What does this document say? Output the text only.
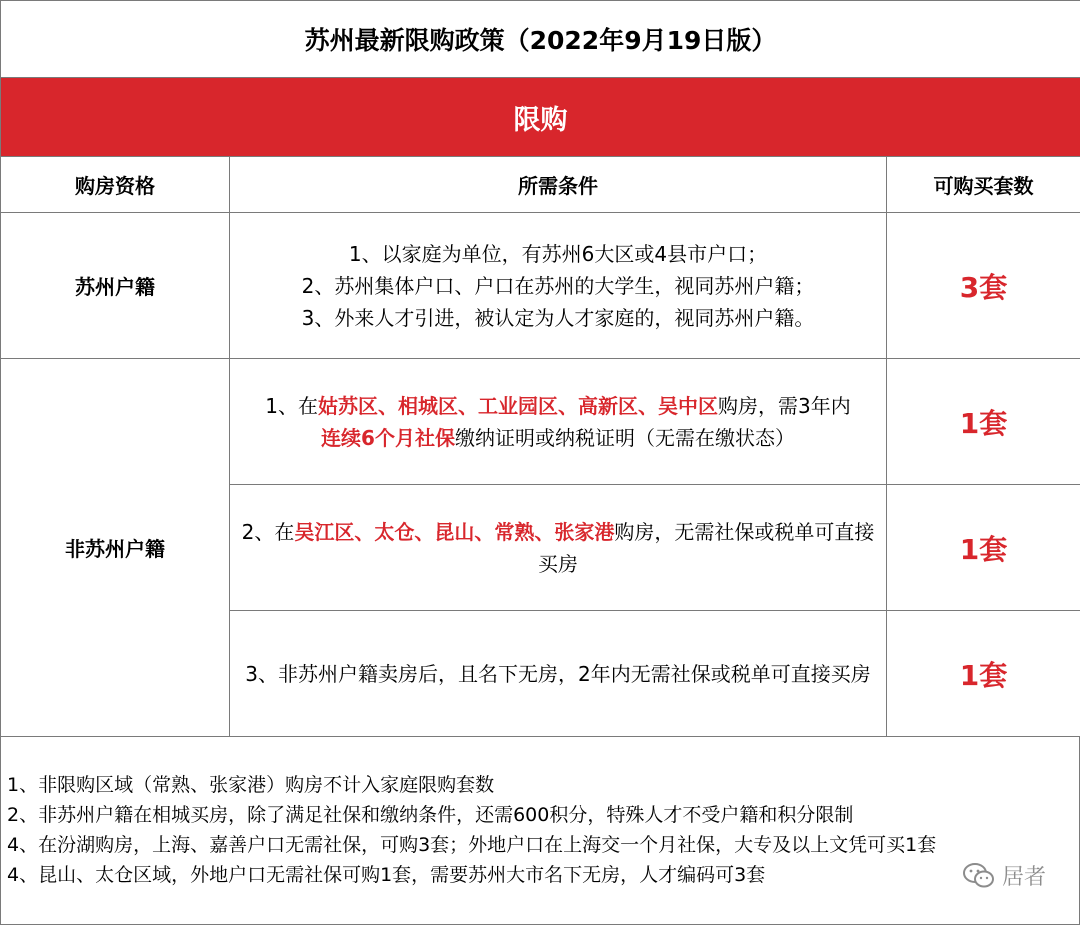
苏州最新限购政策（2022年9月19日版）		
限购		
购房资格	所需条件	可购买套数
苏州户籍	1、以家庭为单位，有苏州6大区或4县市户口；
2、苏州集体户口、户口在苏州的大学生，视同苏州户籍；
3、外来人才引进，被认定为人才家庭的，视同苏州户籍。	3套
非苏州户籍	1、在姑苏区、相城区、工业园区、高新区、吴中区购房，需3年内
连续6个月社保缴纳证明或纳税证明（无需在缴状态）	1套
	2、在吴江区、太仓、昆山、常熟、张家港购房，无需社保或税单可直接买房	1套
	3、非苏州户籍卖房后，且名下无房，2年内无需社保或税单可直接买房	1套
1、非限购区域（常熟、张家港）购房不计入家庭限购套数
2、非苏州户籍在相城买房，除了满足社保和缴纳条件，还需600积分，特殊人才不受户籍和积分限制
4、在汾湖购房，上海、嘉善户口无需社保，可购3套；外地户口在上海交一个月社保，大专及以上文凭可买1套
4、昆山、太仓区域，外地户口无需社保可购1套，需要苏州大市名下无房，人才编码可3套	居者
